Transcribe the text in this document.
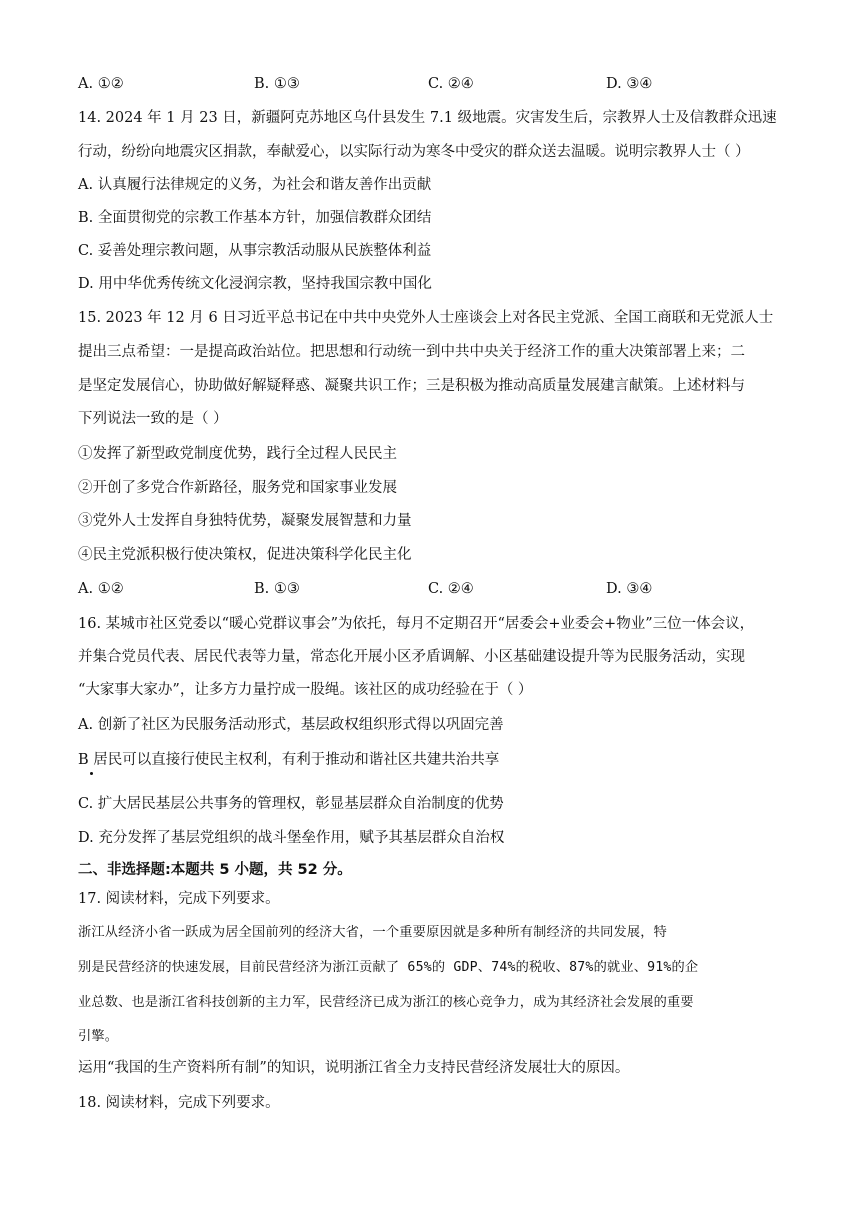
A. ①②	B. ①③	C. ②④	D. ③④
14. 2024 年 1 月 23 日，新疆阿克苏地区乌什县发生 7.1 级地震。灾害发生后，宗教界人士及信教群众迅速
行动，纷纷向地震灾区捐款，奉献爱心，以实际行动为寒冬中受灾的群众送去温暖。说明宗教界人士（ ）
A. 认真履行法律规定的义务，为社会和谐友善作出贡献
B. 全面贯彻党的宗教工作基本方针，加强信教群众团结
C. 妥善处理宗教问题，从事宗教活动服从民族整体利益
D. 用中华优秀传统文化浸润宗教，坚持我国宗教中国化
15. 2023 年 12 月 6 日习近平总书记在中共中央党外人士座谈会上对各民主党派、全国工商联和无党派人士
提出三点希望：一是提高政治站位。把思想和行动统一到中共中央关于经济工作的重大决策部署上来；二
是坚定发展信心，协助做好解疑释惑、凝聚共识工作；三是积极为推动高质量发展建言献策。上述材料与
下列说法一致的是（ ）
①发挥了新型政党制度优势，践行全过程人民民主
②开创了多党合作新路径，服务党和国家事业发展
③党外人士发挥自身独特优势，凝聚发展智慧和力量
④民主党派积极行使决策权，促进决策科学化民主化
A. ①②	B. ①③	C. ②④	D. ③④
16. 某城市社区党委以“暖心党群议事会”为依托，每月不定期召开“居委会+业委会+物业”三位一体会议，
并集合党员代表、居民代表等力量，常态化开展小区矛盾调解、小区基础建设提升等为民服务活动，实现
“大家事大家办”，让多方力量拧成一股绳。该社区的成功经验在于（ ）
A. 创新了社区为民服务活动形式，基层政权组织形式得以巩固完善
B 居民可以直接行使民主权利，有利于推动和谐社区共建共治共享
C. 扩大居民基层公共事务的管理权，彰显基层群众自治制度的优势
D. 充分发挥了基层党组织的战斗堡垒作用，赋予其基层群众自治权
二、非选择题:本题共 5 小题，共 52 分。
17. 阅读材料，完成下列要求。
浙江从经济小省一跃成为居全国前列的经济大省，一个重要原因就是多种所有制经济的共同发展，特
别是民营经济的快速发展，目前民营经济为浙江贡献了 65%的 GDP、74%的税收、87%的就业、91%的企
业总数、也是浙江省科技创新的主力军，民营经济已成为浙江的核心竞争力，成为其经济社会发展的重要
引擎。
运用“我国的生产资料所有制”的知识，说明浙江省全力支持民营经济发展壮大的原因。
18. 阅读材料，完成下列要求。
